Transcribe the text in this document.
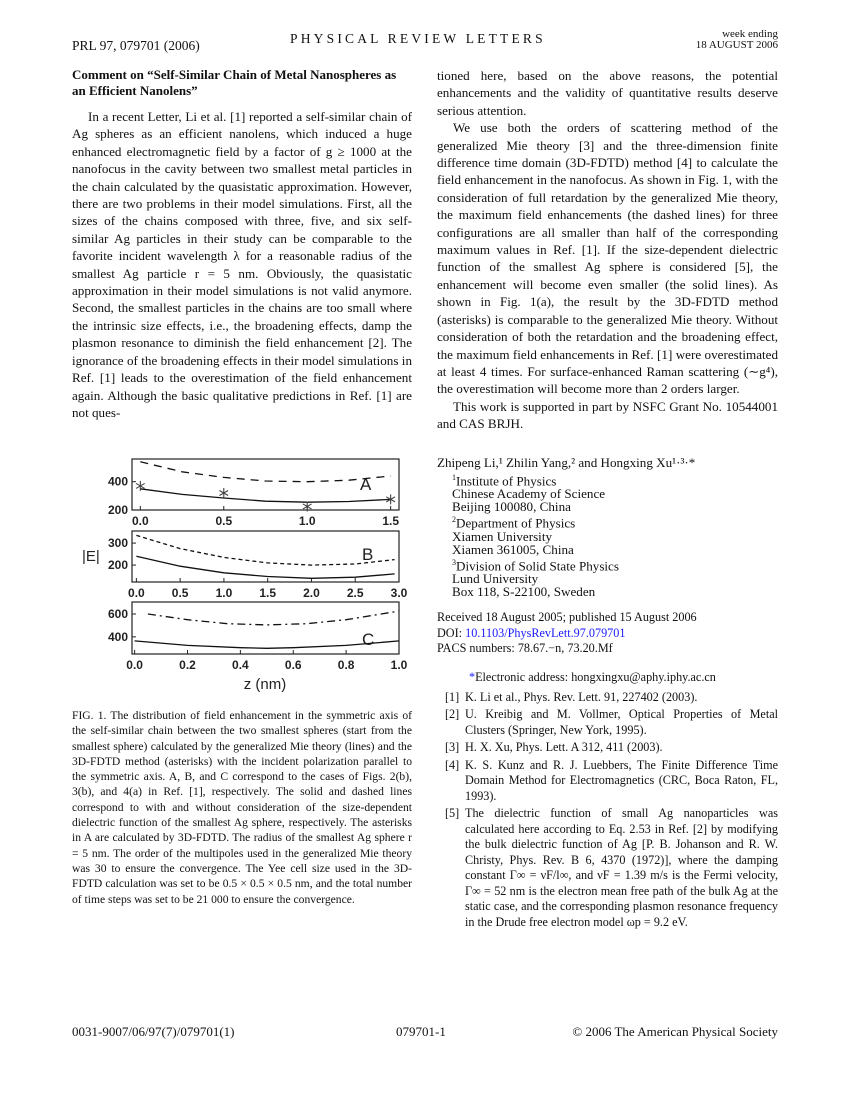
PRL 97, 079701 (2006)	PHYSICAL REVIEW LETTERS	week ending
18 AUGUST 2006
Comment on “Self-Similar Chain of Metal Nanospheres as an Efficient Nanolens”

In a recent Letter, Li et al. [1] reported a self-similar chain of Ag spheres as an efficient nanolens, which induced a huge enhanced electromagnetic field by a factor of g ≥ 1000 at the nanofocus in the cavity between two smallest metal particles in the chain calculated by the quasistatic approximation. However, there are two problems in their model simulations. First, all the sizes of the chains composed with three, five, and six self-similar Ag particles in their study can be comparable to the favorite incident wavelength λ for a reasonable radius of the smallest Ag particle r = 5 nm. Obviously, the quasistatic approximation in their model simulations is not valid anymore. Second, the smallest particles in the chains are too small where the intrinsic size effects, i.e., the broadening effects, damp the plasmon resonance to diminish the field enhancement [2]. The ignorance of the broadening effects in their model simulations in Ref. [1] leads to the overestimation of the field enhancement again. Although the basic qualitative predictions in Ref. [1] are not ques-

tioned here, based on the above reasons, the potential enhancements and the validity of quantitative results deserve serious attention.

We use both the orders of scattering method of the generalized Mie theory [3] and the three-dimension finite difference time domain (3D-FDTD) method [4] to calculate the field enhancement in the nanofocus. As shown in Fig. 1, with the consideration of full retardation by the generalized Mie theory, the maximum field enhancements (the dashed lines) for three configurations are all smaller than half of the corresponding maximum values in Ref. [1]. If the size-dependent dielectric function of the smallest Ag sphere is considered [5], the enhancement will become even smaller (the solid lines). As shown in Fig. 1(a), the result by the 3D-FDTD method (asterisks) is comparable to the generalized Mie theory. Without consideration of both the retardation and the broadening effect, the maximum field enhancements in Ref. [1] were overestimated at least 4 times. For surface-enhanced Raman scattering (∼g⁴), the overestimation will become more than 2 orders larger.

This work is supported in part by NSFC Grant No. 10544001 and CAS BRJH.

0.0	0.5	1.0	1.5
200
400	A
0.0 0.5 1.0 1.5 2.0 2.5 3.0
200
300
B
0.0	0.2	0.4	0.6	0.8	1.0
400
600
C
|E|
z (nm)
FIG. 1. The distribution of field enhancement in the symmetric axis of the self-similar chain between the two smallest spheres (start from the smallest sphere) calculated by the generalized Mie theory (lines) and the 3D-FDTD method (asterisks) with the incident polarization parallel to the symmetric axis. A, B, and C correspond to the cases of Figs. 2(b), 3(b), and 4(a) in Ref. [1], respectively. The solid and dashed lines correspond to with and without consideration of the size-dependent dielectric function of the smallest Ag sphere, respectively. The asterisks in A are calculated by 3D-FDTD. The radius of the smallest Ag sphere r = 5 nm. The order of the multipoles used in the generalized Mie theory was 30 to ensure the convergence. The Yee cell size used in the 3D-FDTD calculation was set to be 0.5 × 0.5 × 0.5 nm, and the total number of time steps was set to be 21 000 to ensure the convergence.
Zhipeng Li,¹ Zhilin Yang,² and Hongxing Xu¹·³·*
$^1$Institute of Physics
Chinese Academy of Science
Beijing 100080, China
$^2$Department of Physics
Xiamen University
Xiamen 361005, China
$^3$Division of Solid State Physics
Lund University
Box 118, S-22100, Sweden
Received 18 August 2005; published 15 August 2006
DOI: 10.1103/PhysRevLett.97.079701
PACS numbers: 78.67.−n, 73.20.Mf
*Electronic address: hongxingxu@aphy.iphy.ac.cn
[1] K. Li et al., Phys. Rev. Lett. 91, 227402 (2003).
[2] U. Kreibig and M. Vollmer, Optical Properties of Metal Clusters (Springer, New York, 1995).
[3] H. X. Xu, Phys. Lett. A 312, 411 (2003).
[4] K. S. Kunz and R. J. Luebbers, The Finite Difference Time Domain Method for Electromagnetics (CRC, Boca Raton, FL, 1993).
[5] The dielectric function of small Ag nanoparticles was calculated here according to Eq. 2.53 in Ref. [2] by modifying the bulk dielectric function of Ag [P. B. Johanson and R. W. Christy, Phys. Rev. B 6, 4370 (1972)], where the damping constant Γ∞ = νF/l∞, and νF = 1.39 m/s is the Fermi velocity, Γ∞ = 52 nm is the electron mean free path of the bulk Ag at the static case, and the corresponding plasmon resonance frequency in the Drude free electron model ωp = 9.2 eV.
0031-9007/06/97(7)/079701(1)	079701-1	© 2006 The American Physical Society
